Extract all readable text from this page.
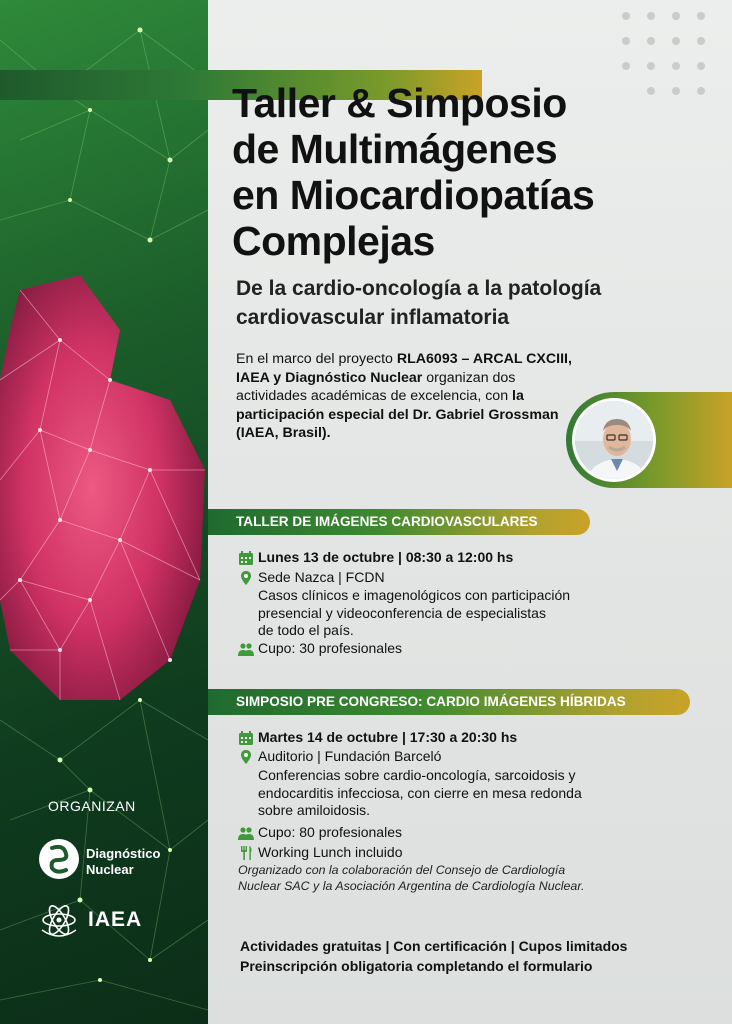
ORGANIZAN
Diagnóstico
Nuclear
IAEA
Taller & Simposio
de Multimágenes
en Miocardiopatías
Complejas
De la cardio-oncología a la patología
cardiovascular inflamatoria
En el marco del proyecto RLA6093 – ARCAL CXCIII, IAEA y Diagnóstico Nuclear organizan dos actividades académicas de excelencia, con la participación especial del Dr. Gabriel Grossman (IAEA, Brasil).
TALLER DE IMÁGENES CARDIOVASCULARES
Lunes 13 de octubre | 08:30 a 12:00 hs
Sede Nazca | FCDN
Casos clínicos e imagenológicos con participación
presencial y videoconferencia de especialistas
de todo el país.
Cupo: 30 profesionales
SIMPOSIO PRE CONGRESO: CARDIO IMÁGENES HÍBRIDAS
Martes 14 de octubre | 17:30 a 20:30 hs
Auditorio | Fundación Barceló
Conferencias sobre cardio-oncología, sarcoidosis y
endocarditis infecciosa, con cierre en mesa redonda
sobre amiloidosis.
Cupo: 80 profesionales
Working Lunch incluido
Organizado con la colaboración del Consejo de Cardiología
Nuclear SAC y la Asociación Argentina de Cardiología Nuclear.
Actividades gratuitas | Con certificación | Cupos limitados
Preinscripción obligatoria completando el formulario
